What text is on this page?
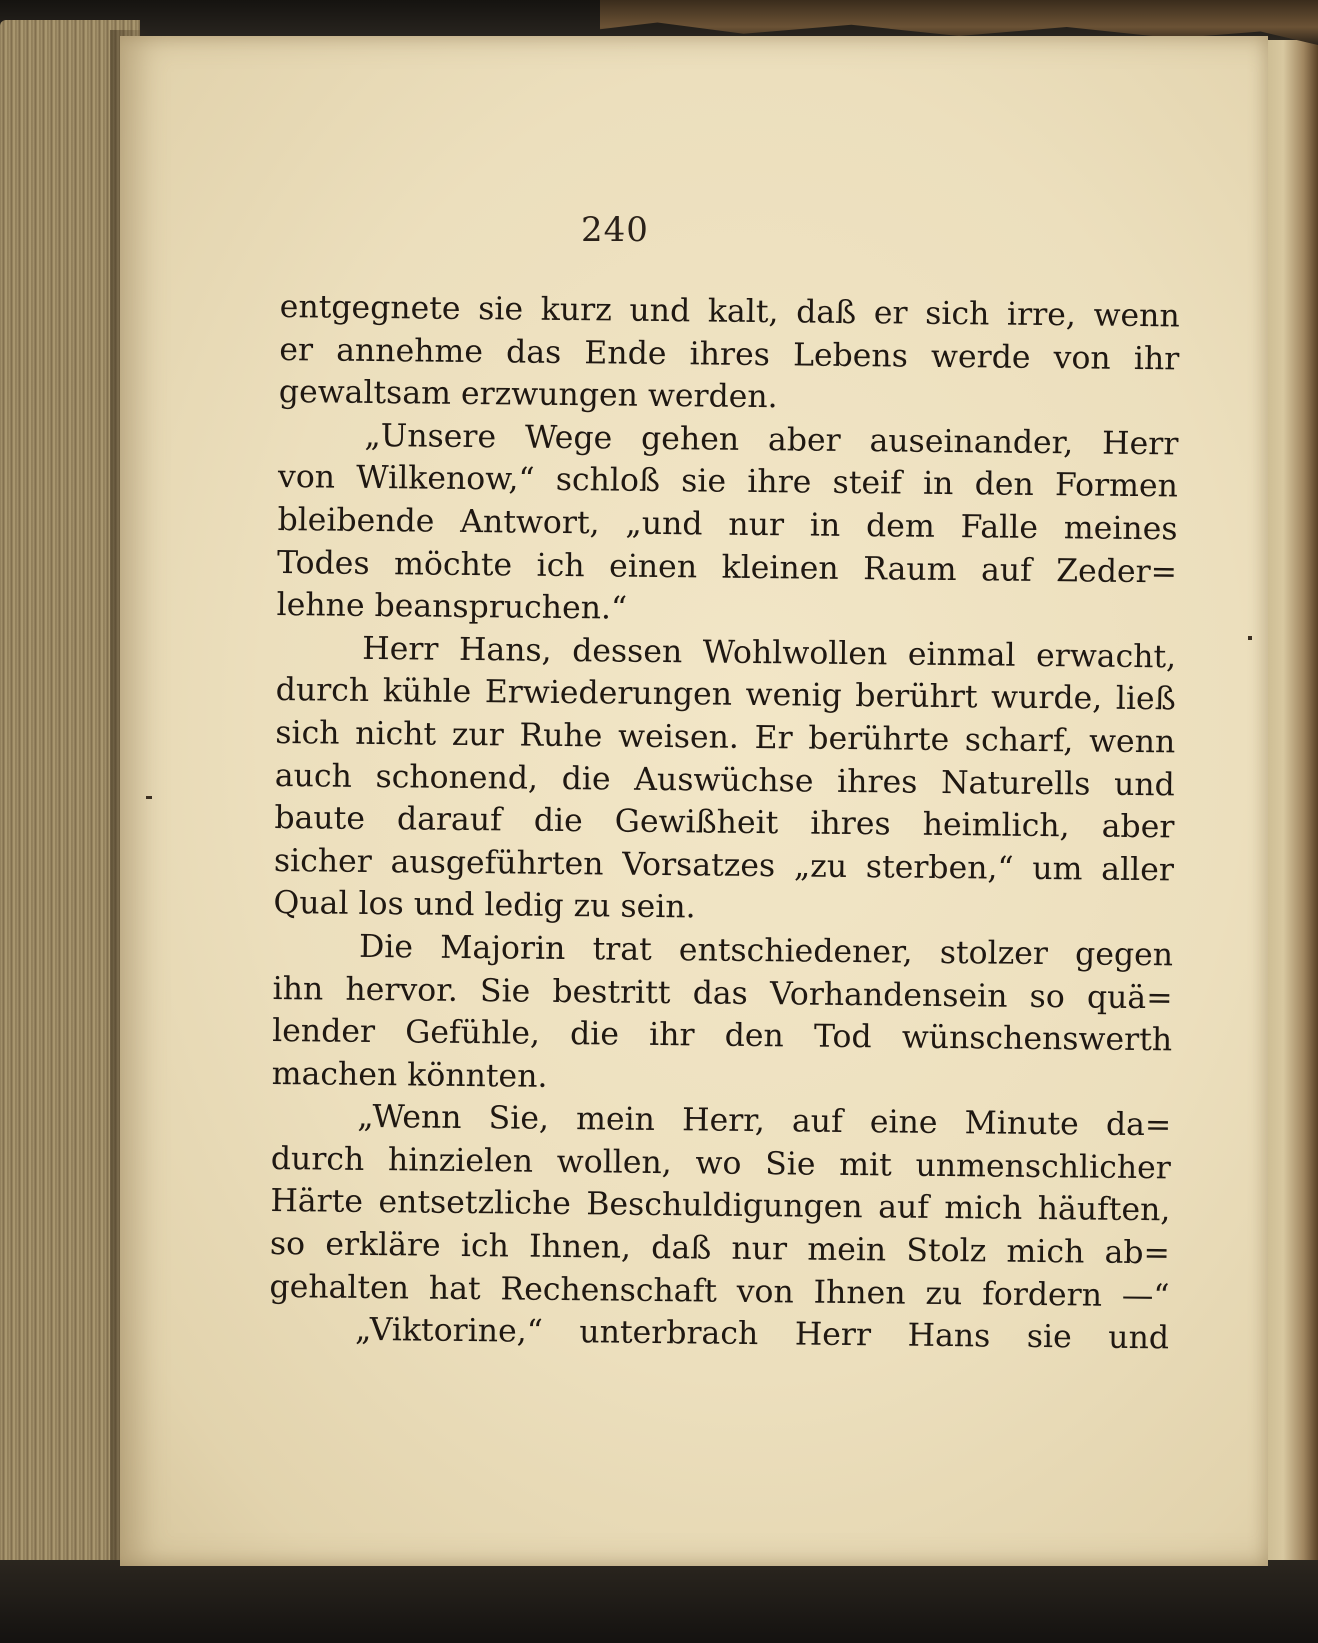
240
entgegnete sie kurz und kalt, daß er sich irre, wenn
er annehme das Ende ihres Lebens werde von ihr
gewaltsam erzwungen werden.
„Unsere Wege gehen aber auseinander, Herr
von Wilkenow,“ schloß sie ihre steif in den Formen
bleibende Antwort, „und nur in dem Falle meines
Todes möchte ich einen kleinen Raum auf Zeder=
lehne beanspruchen.“
Herr Hans, dessen Wohlwollen einmal erwacht,
durch kühle Erwiederungen wenig berührt wurde, ließ
sich nicht zur Ruhe weisen. Er berührte scharf, wenn
auch schonend, die Auswüchse ihres Naturells und
baute darauf die Gewißheit ihres heimlich, aber
sicher ausgeführten Vorsatzes „zu sterben,“ um aller
Qual los und ledig zu sein.
Die Majorin trat entschiedener, stolzer gegen
ihn hervor. Sie bestritt das Vorhandensein so quä=
lender Gefühle, die ihr den Tod wünschenswerth
machen könnten.
„Wenn Sie, mein Herr, auf eine Minute da=
durch hinzielen wollen, wo Sie mit unmenschlicher
Härte entsetzliche Beschuldigungen auf mich häuften,
so erkläre ich Ihnen, daß nur mein Stolz mich ab=
gehalten hat Rechenschaft von Ihnen zu fordern —“
„Viktorine,“ unterbrach Herr Hans sie und
